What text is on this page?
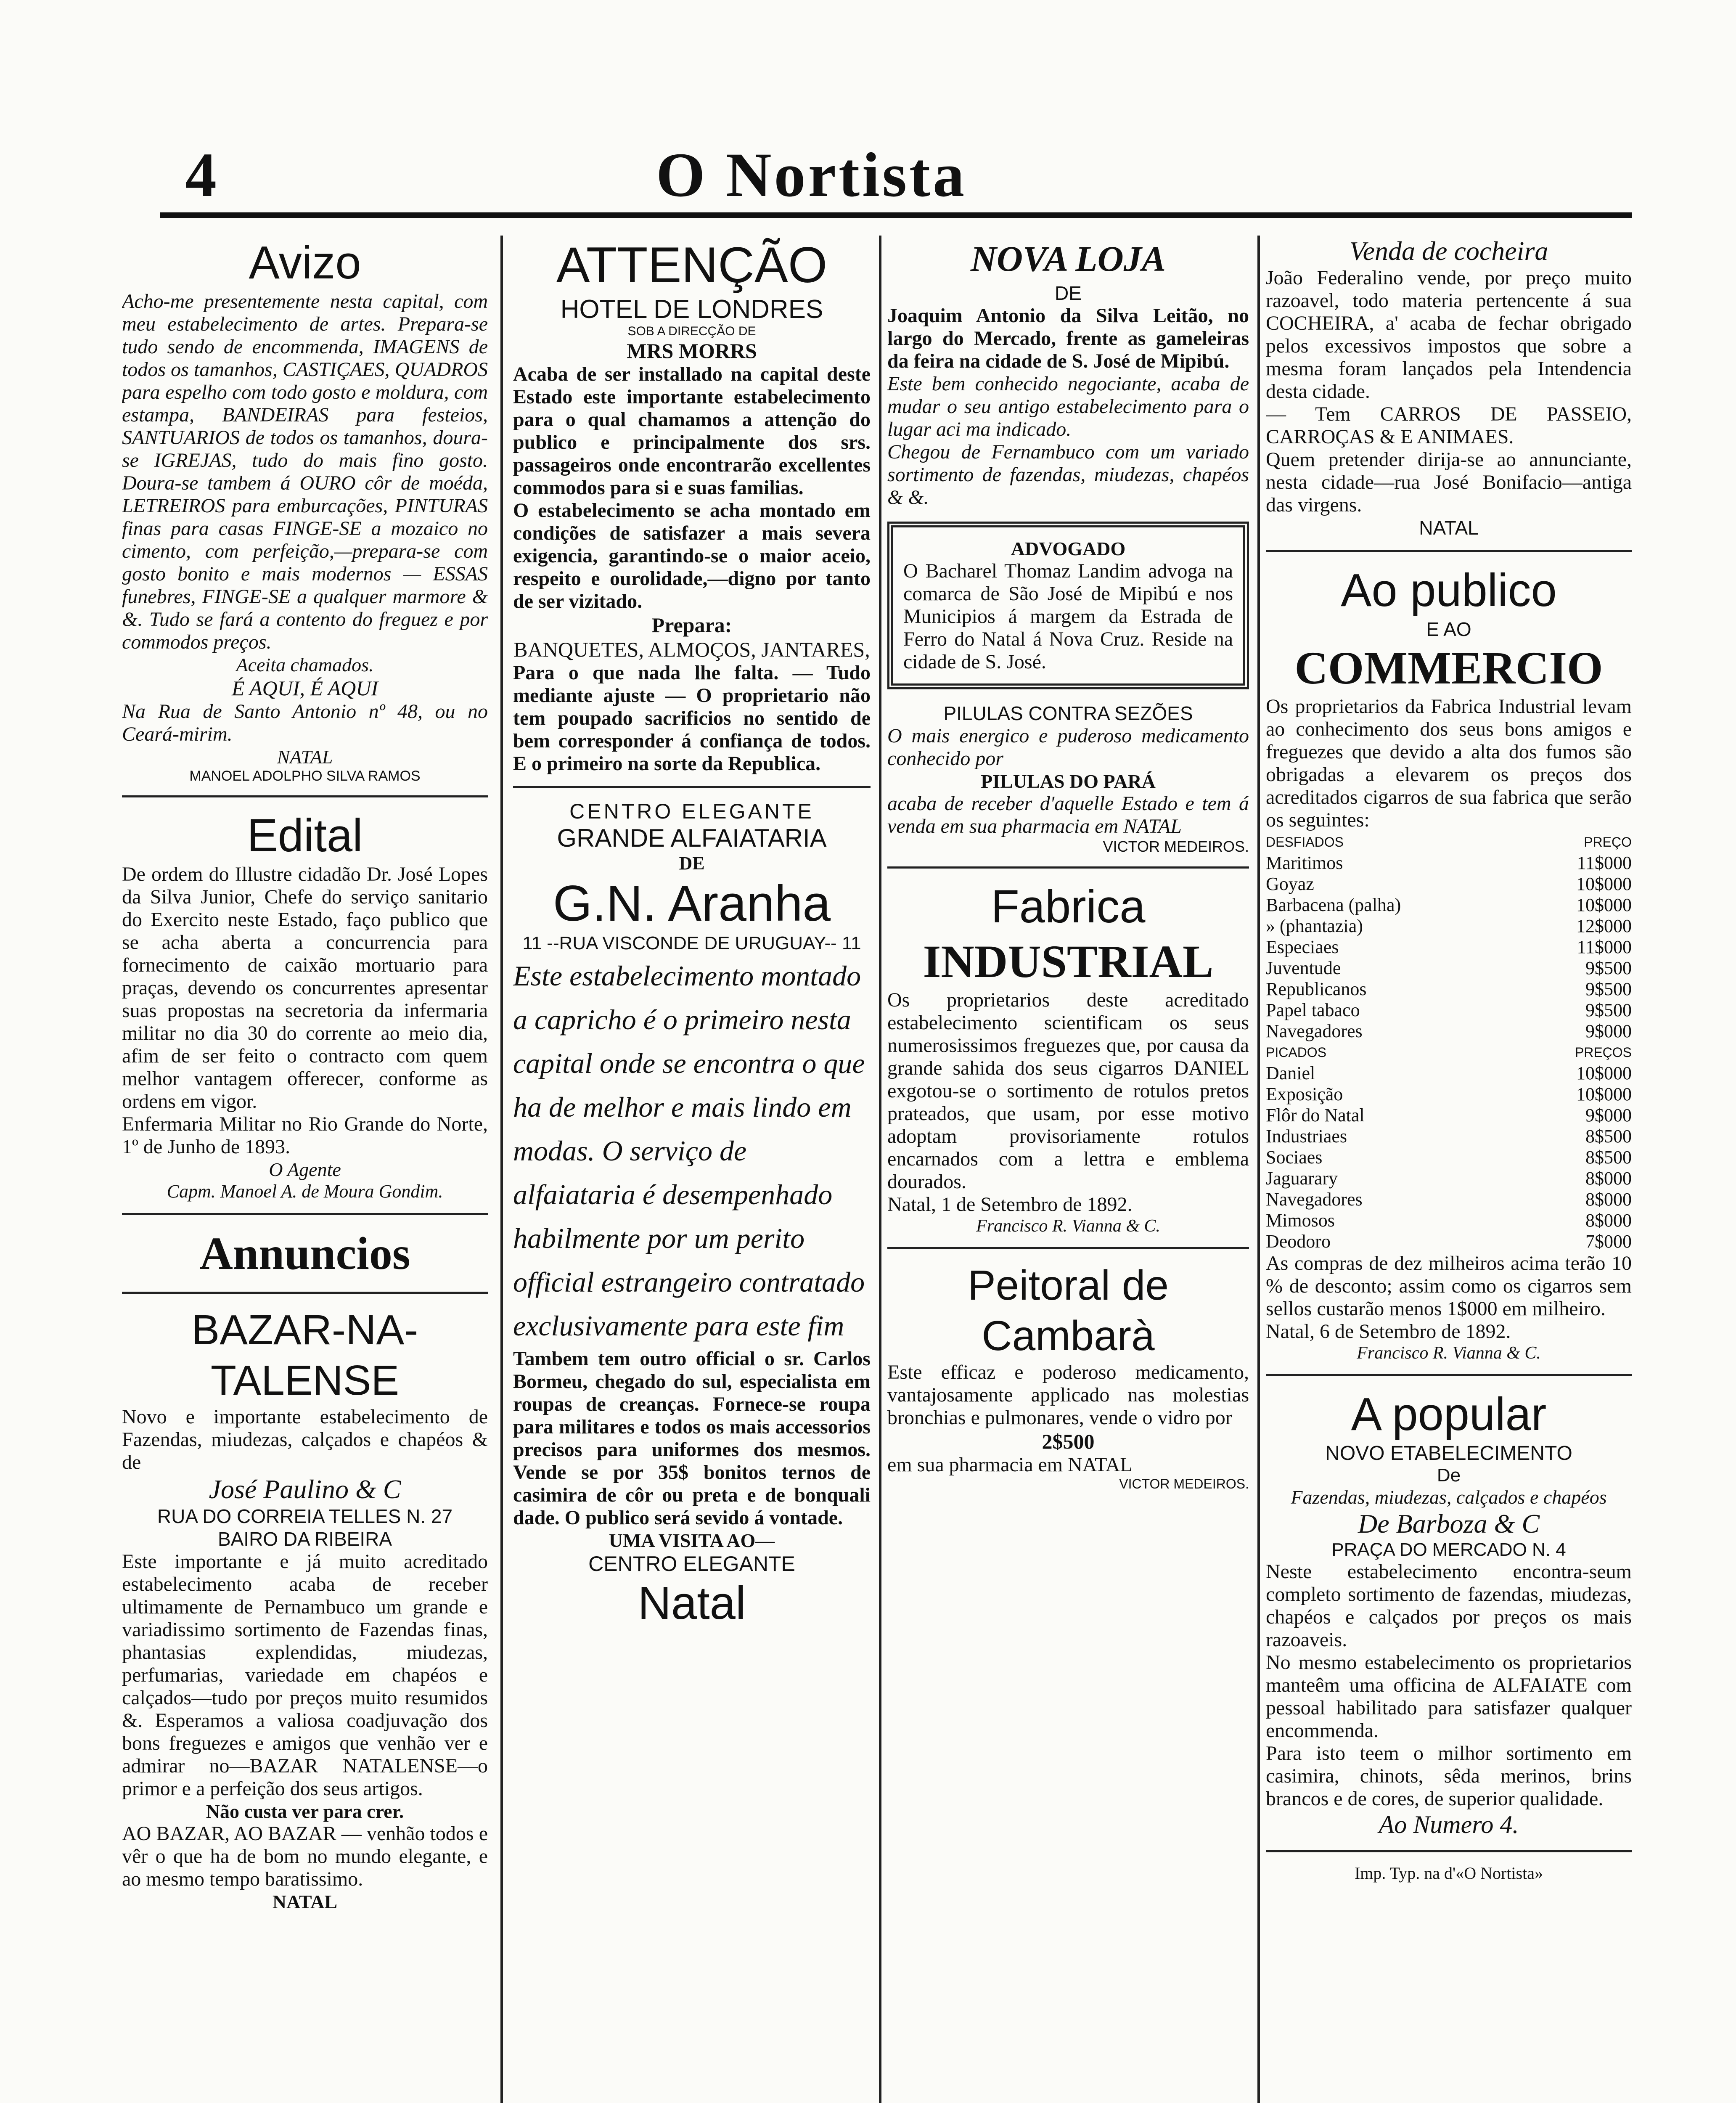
4	O Nortista

Avizo

Acho-me presentemente nesta capital, com meu estabelecimento de artes. Prepara-se tudo sendo de encommenda, IMAGENS de todos os tamanhos, CASTIÇAES, QUADROS para espelho com todo gosto e moldura, com estampa, BANDEIRAS para festeios, SANTUARIOS de todos os tamanhos, doura-se IGREJAS, tudo do mais fino gosto. Doura-se tambem á OURO côr de moéda, LETREIROS para emburcações, PINTURAS finas para casas FINGE-SE a mozaico no cimento, com perfeição,—prepara-se com gosto bonito e mais modernos — ESSAS funebres, FINGE-SE a qualquer marmore & &. Tudo se fará a contento do freguez e por commodos preços.

Aceita chamados.

É AQUI, É AQUI

Na Rua de Santo Antonio nº 48, ou no Ceará-mirim.

NATAL

MANOEL ADOLPHO SILVA RAMOS

Edital

De ordem do Illustre cidadão Dr. José Lopes da Silva Junior, Chefe do serviço sanitario do Exercito neste Estado, faço publico que se acha aberta a concurrencia para fornecimento de caixão mortuario para praças, devendo os concurrentes apresentar suas propostas na secretoria da infermaria militar no dia 30 do corrente ao meio dia, afim de ser feito o contracto com quem melhor vantagem offerecer, conforme as ordens em vigor.

Enfermaria Militar no Rio Grande do Norte, 1º de Junho de 1893.

O Agente

Capm. Manoel A. de Moura Gondim.

Annuncios

BAZAR-NA-TALENSE

Novo e importante estabelecimento de Fazendas, miudezas, calçados e chapéos & de

José Paulino & C

RUA DO CORREIA TELLES N. 27

BAIRO DA RIBEIRA

Este importante e já muito acreditado estabelecimento acaba de receber ultimamente de Pernambuco um grande e variadissimo sortimento de Fazendas finas, phantasias explendidas, miudezas, perfumarias, variedade em chapéos e calçados—tudo por preços muito resumidos &. Esperamos a valiosa coadjuvação dos bons freguezes e amigos que venhão ver e admirar no—BAZAR NATALENSE—o primor e a perfeição dos seus artigos.

Não custa ver para crer.

AO BAZAR, AO BAZAR — venhão todos e vêr o que ha de bom no mundo elegante, e ao mesmo tempo baratissimo.

NATAL

ATTENÇÃO

HOTEL DE LONDRES

SOB A DIRECÇÃO DE

MRS MORRS

Acaba de ser installado na capital deste Estado este importante estabelecimento para o qual chamamos a attenção do publico e principalmente dos srs. passageiros onde encontrarão excellentes commodos para si e suas familias.

O estabelecimento se acha montado em condições de satisfazer a mais severa exigencia, garantindo-se o maior aceio, respeito e ourolidade,—digno por tanto de ser vizitado.

Prepara:

BANQUETES, ALMOÇOS, JANTARES,

Para o que nada lhe falta. — Tudo mediante ajuste — O proprietario não tem poupado sacrificios no sentido de bem corresponder á confiança de todos. E o primeiro na sorte da Republica.

CENTRO ELEGANTE

GRANDE ALFAIATARIA

DE

G.N. Aranha

11 --RUA VISCONDE DE URUGUAY-- 11

Este estabelecimento montado a capricho é o primeiro nesta capital onde se encontra o que ha de melhor e mais lindo em modas. O serviço de alfaiataria é desempenhado habilmente por um perito official estrangeiro contratado exclusivamente para este fim

Tambem tem outro official o sr. Carlos Bormeu, chegado do sul, especialista em roupas de creanças. Fornece-se roupa para militares e todos os mais accessorios precisos para uniformes dos mesmos. Vende se por 35$ bonitos ternos de casimira de côr ou preta e de bonquali dade. O publico será sevido á vontade.

UMA VISITA AO—

CENTRO ELEGANTE

Natal

NOVA LOJA

DE

Joaquim Antonio da Silva Leitão, no largo do Mercado, frente as gameleiras da feira na cidade de S. José de Mipibú.

Este bem conhecido negociante, acaba de mudar o seu antigo estabelecimento para o lugar aci ma indicado.

Chegou de Fernambuco com um variado sortimento de fazendas, miudezas, chapéos & &.

ADVOGADO

O Bacharel Thomaz Landim advoga na comarca de São José de Mipibú e nos Municipios á margem da Estrada de Ferro do Natal á Nova Cruz. Reside na cidade de S. José.

PILULAS CONTRA SEZÕES

O mais energico e puderoso medicamento conhecido por

PILULAS DO PARÁ

acaba de receber d'aquelle Estado e tem á venda em sua pharmacia em NATAL

VICTOR MEDEIROS.

Fabrica

INDUSTRIAL

Os proprietarios deste acreditado estabelecimento scientificam os seus numerosissimos freguezes que, por causa da grande sahida dos seus cigarros DANIEL exgotou-se o sortimento de rotulos pretos prateados, que usam, por esse motivo adoptam provisoriamente rotulos encarnados com a lettra e emblema dourados.

Natal, 1 de Setembro de 1892.

Francisco R. Vianna & C.

Peitoral de Cambarà

Este efficaz e poderoso medicamento, vantajosamente applicado nas molestias bronchias e pulmonares, vende o vidro por

2$500

em sua pharmacia em NATAL

VICTOR MEDEIROS.

Venda de cocheira

João Federalino vende, por preço muito razoavel, todo materia pertencente á sua COCHEIRA, a' acaba de fechar obrigado pelos excessivos impostos que sobre a mesma foram lançados pela Intendencia desta cidade.

— Tem CARROS DE PASSEIO, CARROÇAS & E ANIMAES.

Quem pretender dirija-se ao annunciante, nesta cidade—rua José Bonifacio—antiga das virgens.

NATAL

Ao publico

E AO

COMMERCIO

Os proprietarios da Fabrica Industrial levam ao conhecimento dos seus bons amigos e freguezes que devido a alta dos fumos são obrigadas a elevarem os preços dos acreditados cigarros de sua fabrica que serão os seguintes:

DESFIADOS	PREÇO
Maritimos	11$000
Goyaz	10$000
Barbacena (palha)	10$000
» (phantazia)	12$000
Especiaes	11$000
Juventude	9$500
Republicanos	9$500
Papel tabaco	9$500
Navegadores	9$000
PICADOS	PREÇOS
Daniel	10$000
Exposição	10$000
Flôr do Natal	9$000
Industriaes	8$500
Sociaes	8$500
Jaguarary	8$000
Navegadores	8$000
Mimosos	8$000
Deodoro	7$000

As compras de dez milheiros acima terão 10 % de desconto; assim como os cigarros sem sellos custarão menos 1$000 em milheiro.

Natal, 6 de Setembro de 1892.

Francisco R. Vianna & C.

A popular

NOVO ETABELECIMENTO

De

Fazendas, miudezas, calçados e chapéos

De Barboza & C

PRAÇA DO MERCADO N. 4

Neste estabelecimento encontra-seum completo sortimento de fazendas, miudezas, chapéos e calçados por preços os mais razoaveis.

No mesmo estabelecimento os proprietarios manteêm uma officina de ALFAIATE com pessoal habilitado para satisfazer qualquer encommenda.

Para isto teem o milhor sortimento em casimira, chinots, sêda merinos, brins brancos e de cores, de superior qualidade.

Ao Numero 4.

Imp. Typ. na d'«O Nortista»
